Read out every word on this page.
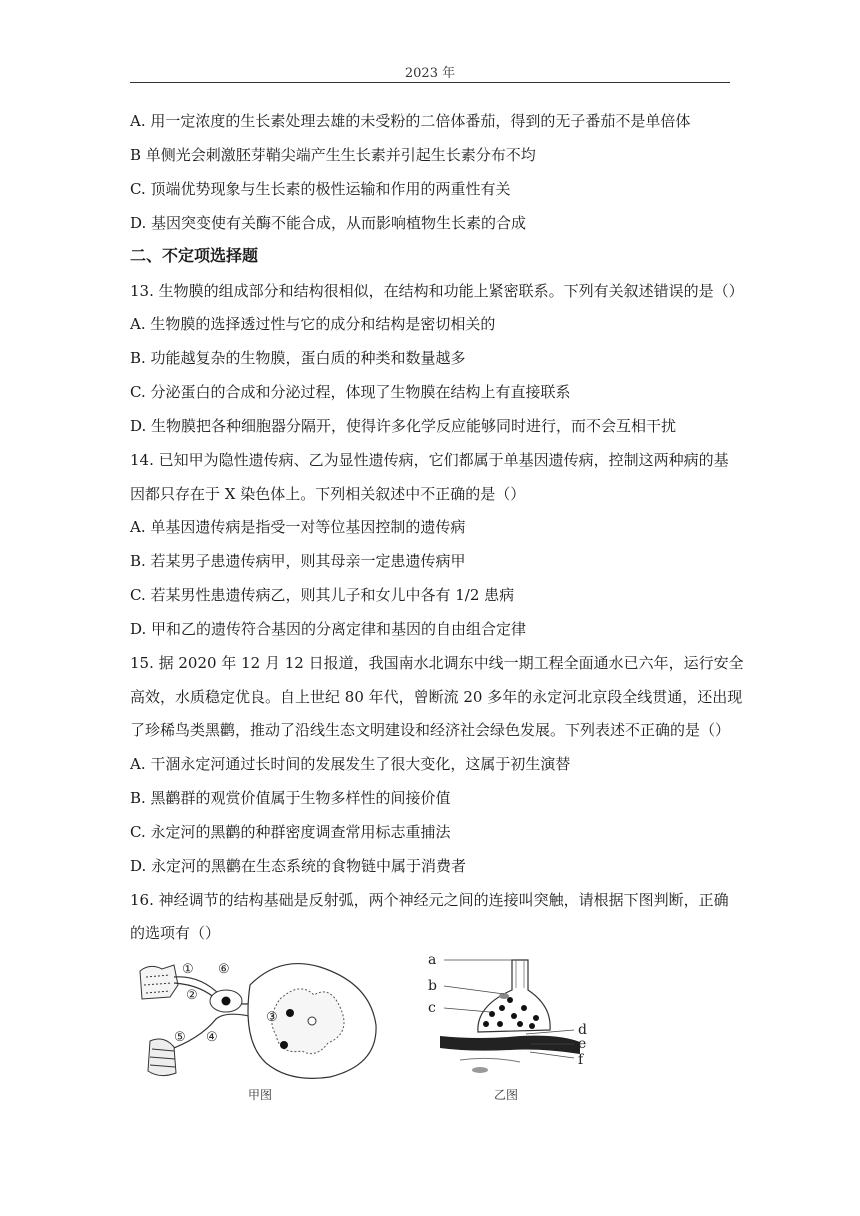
2023 年
A. 用一定浓度的生长素处理去雄的未受粉的二倍体番茄，得到的无子番茄不是单倍体
B 单侧光会刺激胚芽鞘尖端产生生长素并引起生长素分布不均
C. 顶端优势现象与生长素的极性运输和作用的两重性有关
D. 基因突变使有关酶不能合成，从而影响植物生长素的合成
二、不定项选择题
13. 生物膜的组成部分和结构很相似，在结构和功能上紧密联系。下列有关叙述错误的是（）
A. 生物膜的选择透过性与它的成分和结构是密切相关的
B. 功能越复杂的生物膜，蛋白质的种类和数量越多
C. 分泌蛋白的合成和分泌过程，体现了生物膜在结构上有直接联系
D. 生物膜把各种细胞器分隔开，使得许多化学反应能够同时进行，而不会互相干扰
14. 已知甲为隐性遗传病、乙为显性遗传病，它们都属于单基因遗传病，控制这两种病的基
因都只存在于 X 染色体上。下列相关叙述中不正确的是（）
A. 单基因遗传病是指受一对等位基因控制的遗传病
B. 若某男子患遗传病甲，则其母亲一定患遗传病甲
C. 若某男性患遗传病乙，则其儿子和女儿中各有 1/2 患病
D. 甲和乙的遗传符合基因的分离定律和基因的自由组合定律
15. 据 2020 年 12 月 12 日报道，我国南水北调东中线一期工程全面通水已六年，运行安全
高效，水质稳定优良。自上世纪 80 年代，曾断流 20 多年的永定河北京段全线贯通，还出现
了珍稀鸟类黑鹳，推动了沿线生态文明建设和经济社会绿色发展。下列表述不正确的是（）
A. 干涸永定河通过长时间的发展发生了很大变化，这属于初生演替
B. 黑鹳群的观赏价值属于生物多样性的间接价值
C. 永定河的黑鹳的种群密度调查常用标志重捕法
D. 永定河的黑鹳在生态系统的食物链中属于消费者
16. 神经调节的结构基础是反射弧，两个神经元之间的连接叫突触，请根据下图判断，正确
的选项有（）
①
②
③
④
⑤
⑥
甲图
a
b
c
d
e
f
乙图
